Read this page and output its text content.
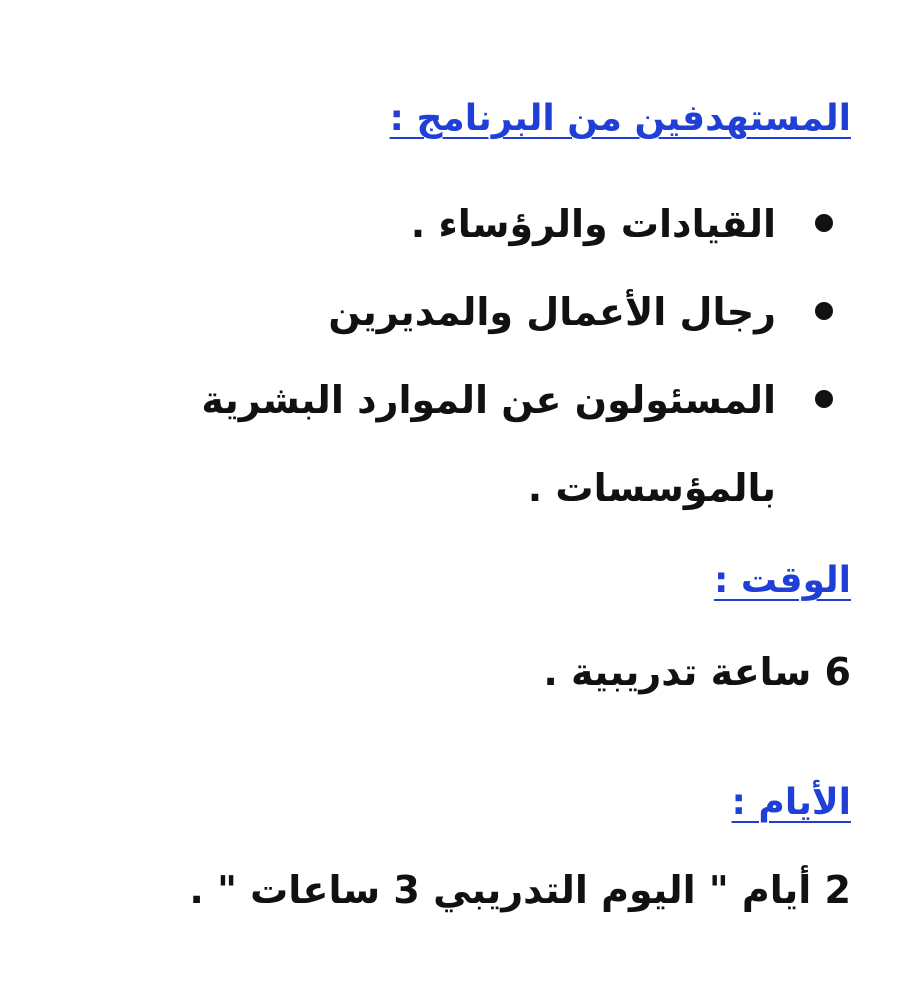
المستهدفين من البرنامج :
القيادات والرؤساء .
رجال الأعمال والمديرين
المسئولون عن الموارد البشرية
بالمؤسسات .
الوقت :

6 ساعة تدريبية .

الأيام :

2 أيام " اليوم التدريبي 3 ساعات " .
